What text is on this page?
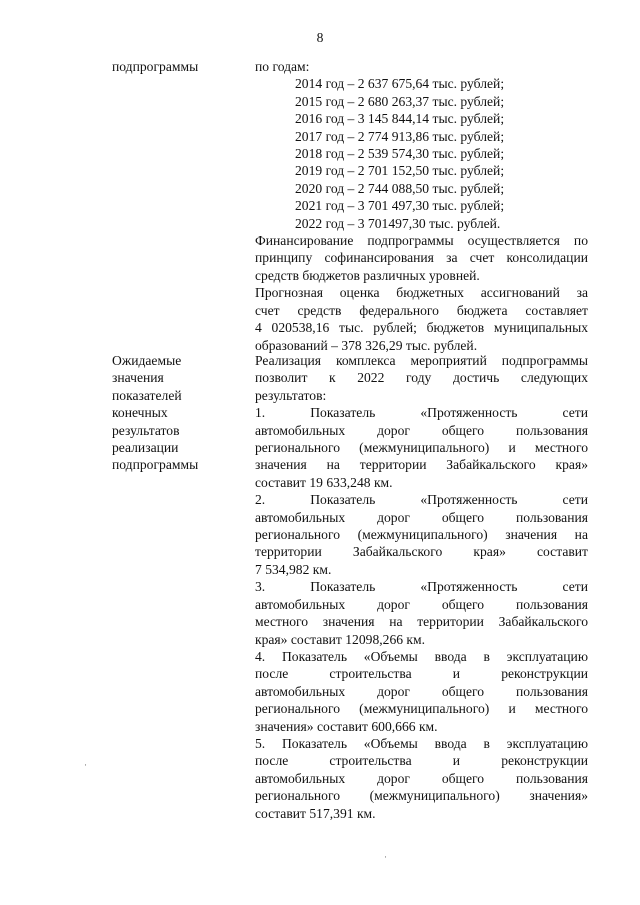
8
подпрограммы
Ожидаемые
значения
показателей
конечных
результатов
реализации
подпрограммы
по годам:
2014 год – 2 637 675,64 тыс. рублей;
2015 год – 2 680 263,37 тыс. рублей;
2016 год – 3 145 844,14 тыс. рублей;
2017 год – 2 774 913,86 тыс. рублей;
2018 год – 2 539 574,30 тыс. рублей;
2019 год – 2 701 152,50 тыс. рублей;
2020 год – 2 744 088,50 тыс. рублей;
2021 год – 3 701 497,30 тыс. рублей;
2022 год – 3 701497,30 тыс. рублей.
Финансирование подпрограммы осуществляется по
принципу софинансирования за счет консолидации
средств бюджетов различных уровней.
Прогнозная оценка бюджетных ассигнований за
счет средств федерального бюджета составляет
4 020538,16 тыс. рублей; бюджетов муниципальных
образований – 378 326,29 тыс. рублей.
Реализация комплекса мероприятий подпрограммы
позволит к 2022 году достичь следующих
результатов:
1. Показатель «Протяженность сети
автомобильных дорог общего пользования
регионального (межмуниципального) и местного
значения на территории Забайкальского края»
составит 19 633,248 км.
2. Показатель «Протяженность сети
автомобильных дорог общего пользования
регионального (межмуниципального) значения на
территории Забайкальского края» составит
7 534,982 км.
3. Показатель «Протяженность сети
автомобильных дорог общего пользования
местного значения на территории Забайкальского
края» составит 12098,266 км.
4. Показатель «Объемы ввода в эксплуатацию
после строительства и реконструкции
автомобильных дорог общего пользования
регионального (межмуниципального) и местного
значения» составит 600,666 км.
5. Показатель «Объемы ввода в эксплуатацию
после строительства и реконструкции
автомобильных дорог общего пользования
регионального (межмуниципального) значения»
составит 517,391 км.
·
·
